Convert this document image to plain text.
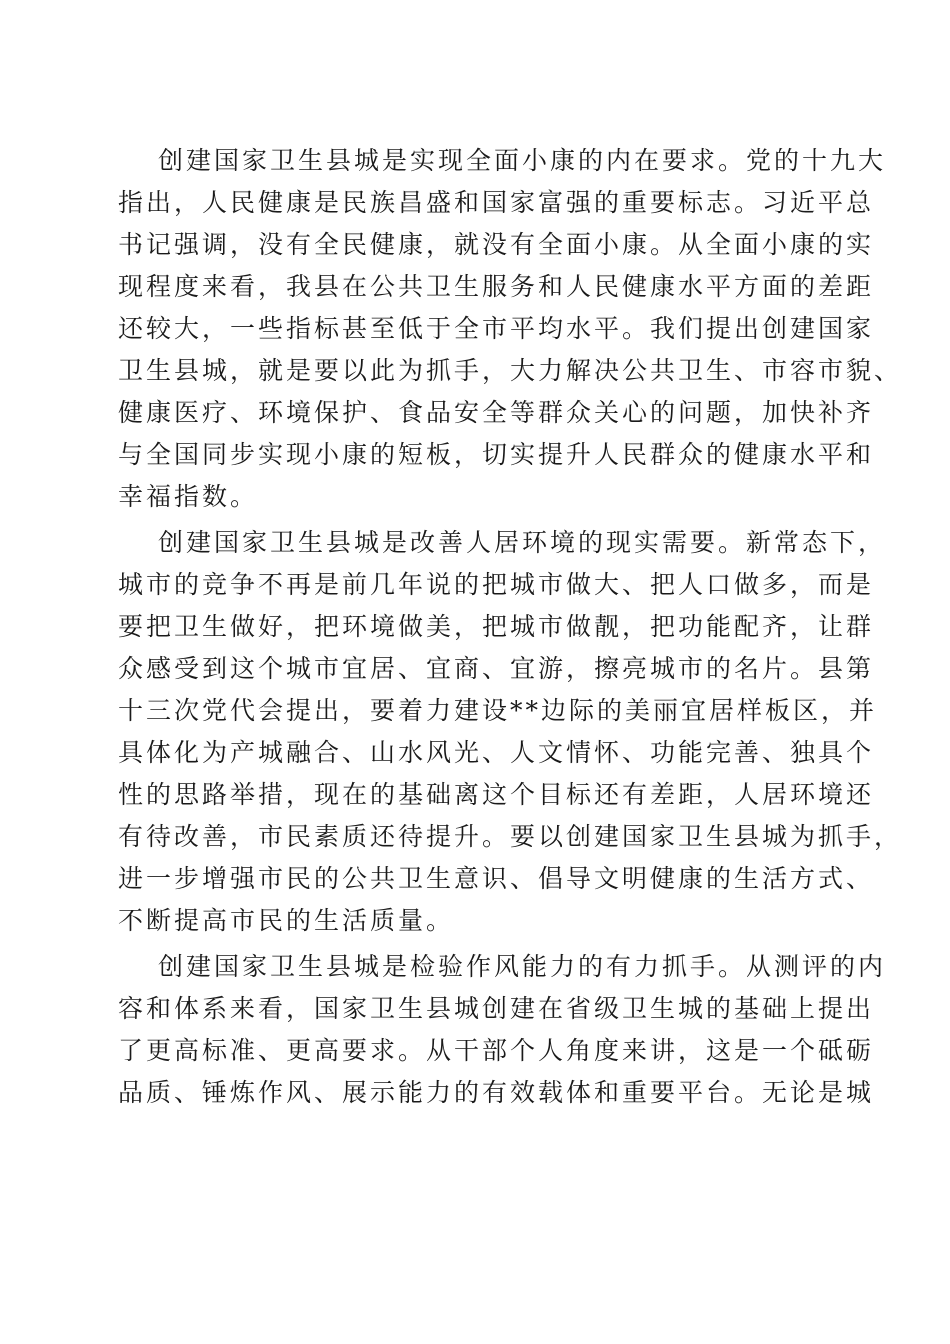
创建国家卫生县城是实现全面小康的内在要求。党的十九大
指出，人民健康是民族昌盛和国家富强的重要标志。习近平总
书记强调，没有全民健康，就没有全面小康。从全面小康的实
现程度来看，我县在公共卫生服务和人民健康水平方面的差距
还较大，一些指标甚至低于全市平均水平。我们提出创建国家
卫生县城，就是要以此为抓手，大力解决公共卫生、市容市貌、
健康医疗、环境保护、食品安全等群众关心的问题，加快补齐
与全国同步实现小康的短板，切实提升人民群众的健康水平和
幸福指数。
创建国家卫生县城是改善人居环境的现实需要。新常态下，
城市的竞争不再是前几年说的把城市做大、把人口做多，而是
要把卫生做好，把环境做美，把城市做靓，把功能配齐，让群
众感受到这个城市宜居、宜商、宜游，擦亮城市的名片。县第
十三次党代会提出，要着力建设**边际的美丽宜居样板区，并
具体化为产城融合、山水风光、人文情怀、功能完善、独具个
性的思路举措，现在的基础离这个目标还有差距，人居环境还
有待改善，市民素质还待提升。要以创建国家卫生县城为抓手，
进一步增强市民的公共卫生意识、倡导文明健康的生活方式、
不断提高市民的生活质量。
创建国家卫生县城是检验作风能力的有力抓手。从测评的内
容和体系来看，国家卫生县城创建在省级卫生城的基础上提出
了更高标准、更高要求。从干部个人角度来讲，这是一个砥砺
品质、锤炼作风、展示能力的有效载体和重要平台。无论是城
